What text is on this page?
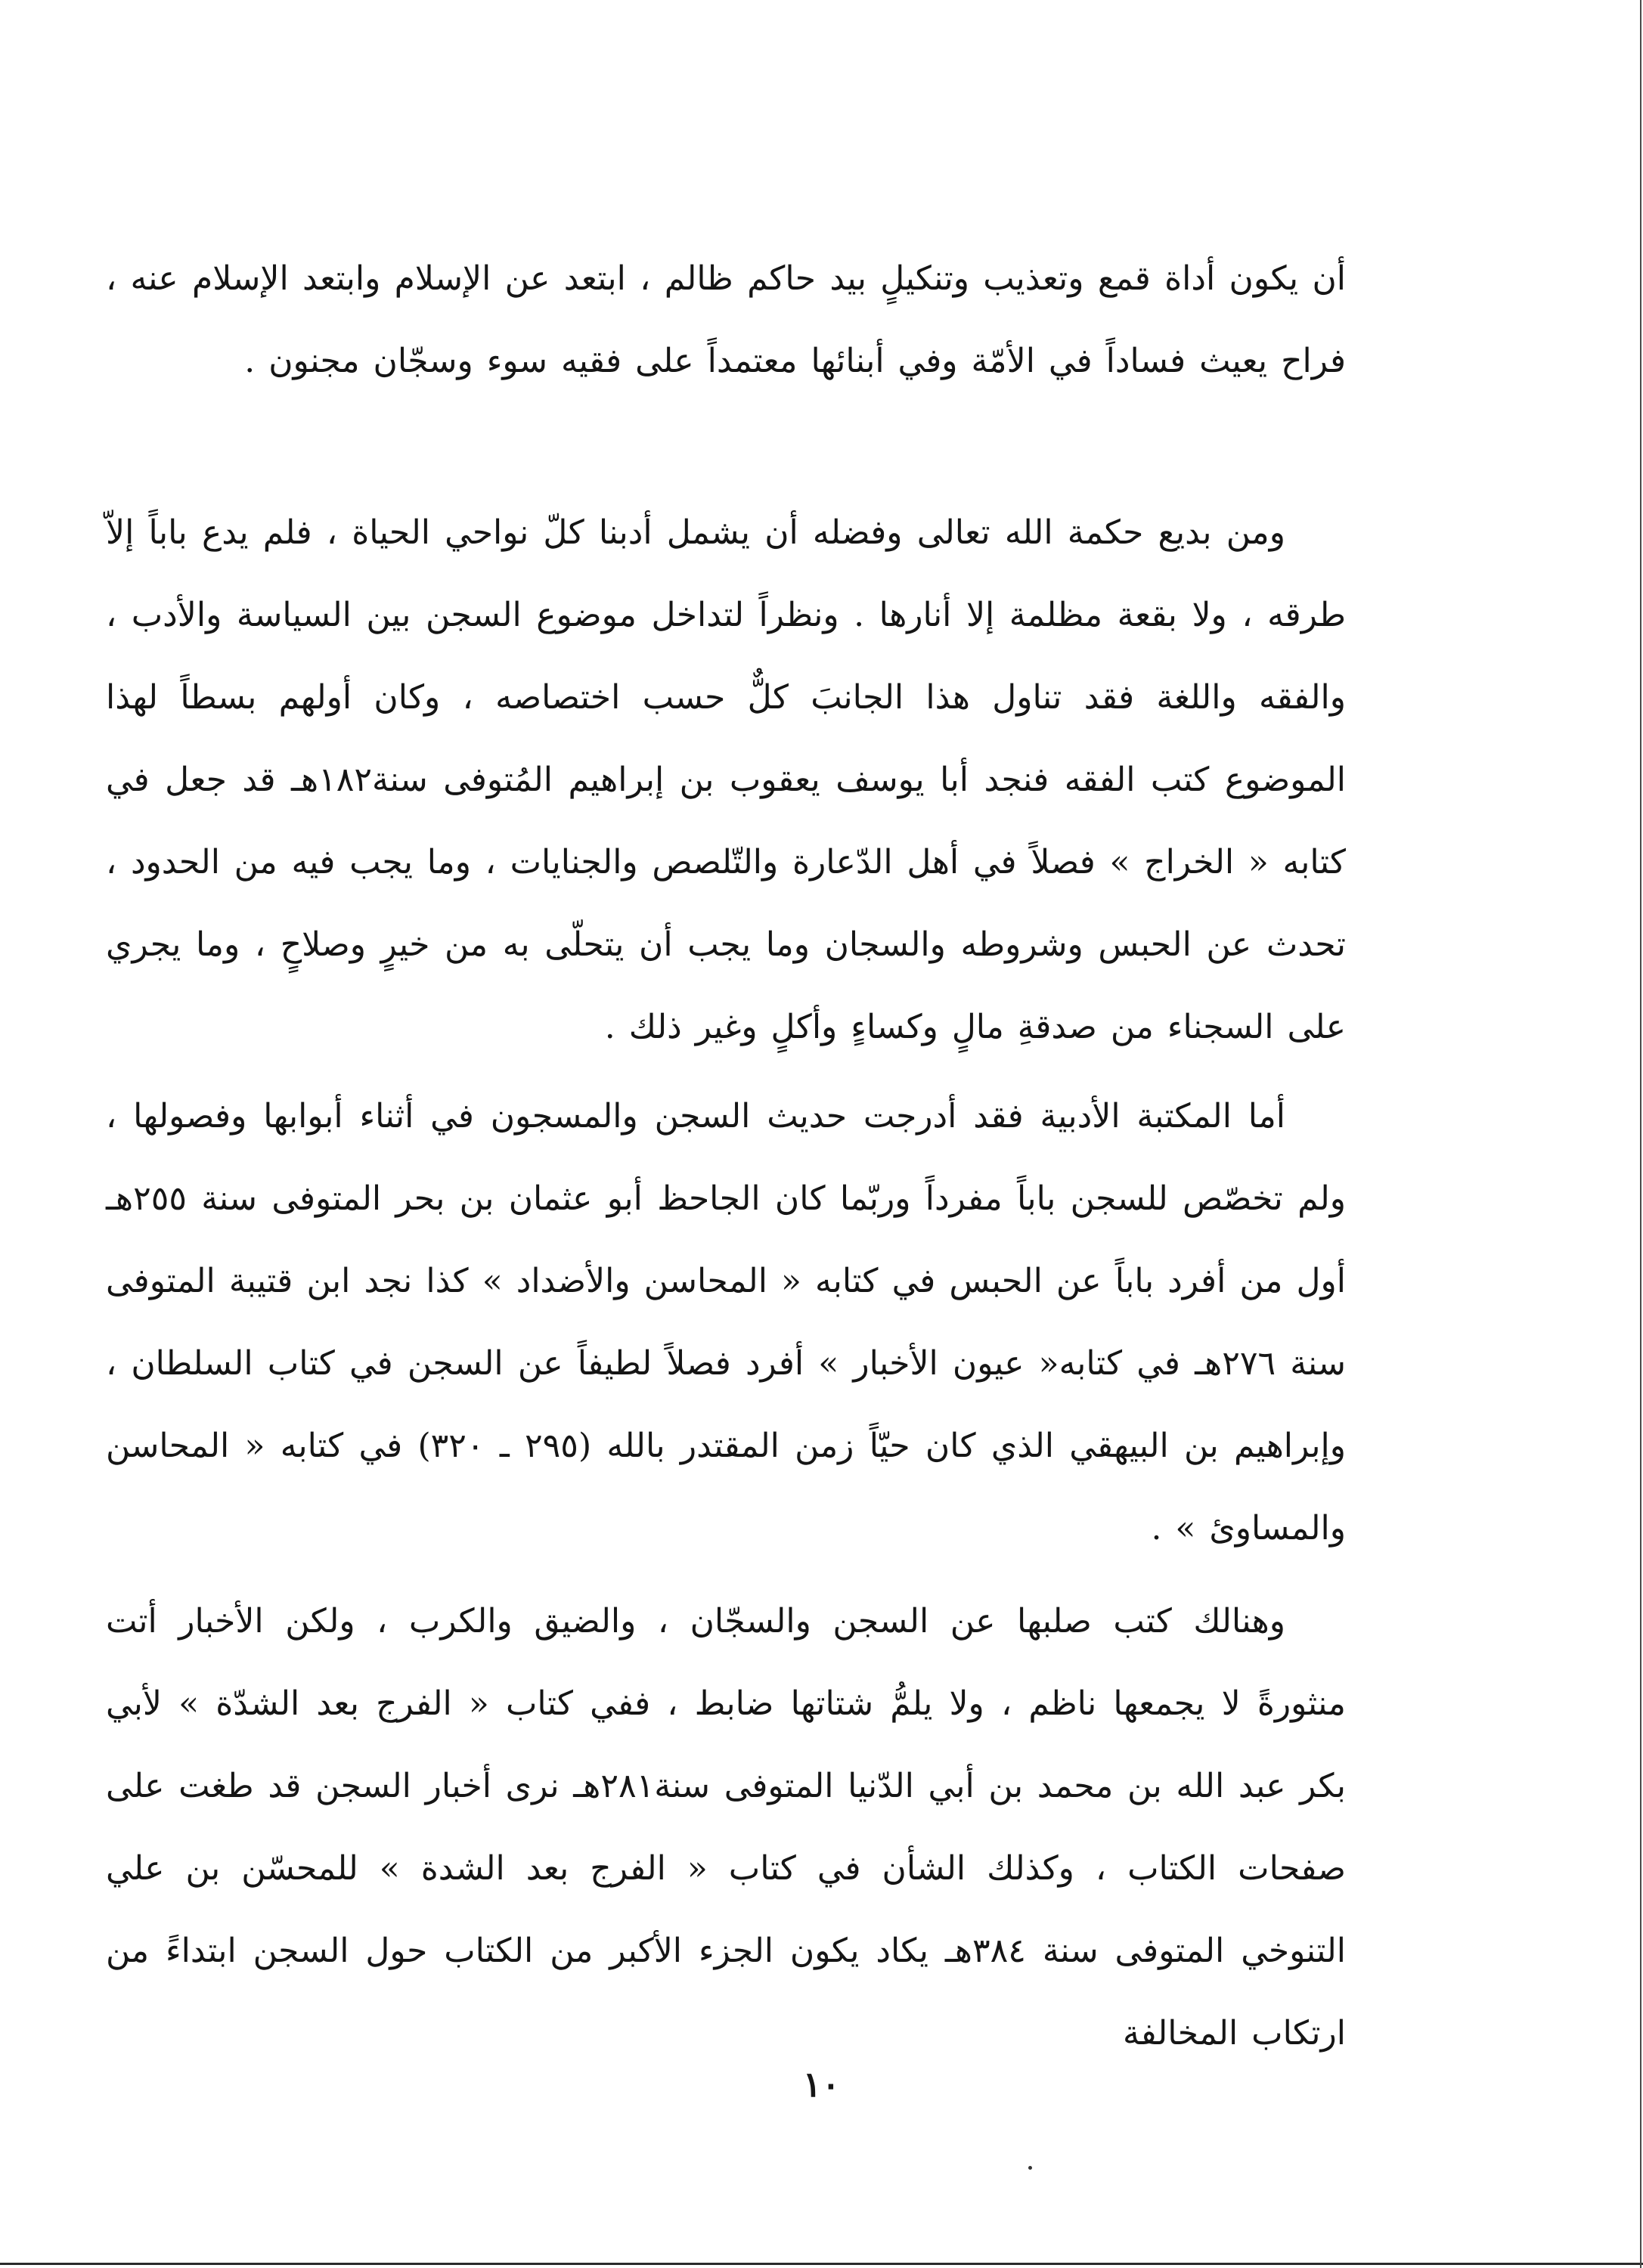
أن يكون أداة قمع وتعذيب وتنكيلٍ بيد حاكم ظالم ، ابتعد عن الإسلام وابتعد الإسلام عنه ، فراح يعيث فساداً في الأمّة وفي أبنائها معتمداً على فقيه سوء وسجّان مجنون .

ومن بديع حكمة الله تعالى وفضله أن يشمل أدبنا كلّ نواحي الحياة ، فلم يدع باباً إلاّ طرقه ، ولا بقعة مظلمة إلا أنارها . ونظراً لتداخل موضوع السجن بين السياسة والأدب ، والفقه واللغة فقد تناول هذا الجانبَ كلٌّ حسب اختصاصه ، وكان أولهم بسطاً لهذا الموضوع كتب الفقه فنجد أبا يوسف يعقوب بن إبراهيم المُتوفى سنة١٨٢هـ قد جعل في كتابه « الخراج » فصلاً في أهل الدّعارة والتّلصص والجنايات ، وما يجب فيه من الحدود ، تحدث عن الحبس وشروطه والسجان وما يجب أن يتحلّى به من خيرٍ وصلاحٍ ، وما يجري على السجناء من صدقةِ مالٍ وكساءٍ وأكلٍ وغير ذلك .

أما المكتبة الأدبية فقد أدرجت حديث السجن والمسجون في أثناء أبوابها وفصولها ، ولم تخصّص للسجن باباً مفرداً وربّما كان الجاحظ أبو عثمان بن بحر المتوفى سنة ٢٥٥هـ أول من أفرد باباً عن الحبس في كتابه « المحاسن والأضداد » كذا نجد ابن قتيبة المتوفى سنة ٢٧٦هـ في كتابه« عيون الأخبار » أفرد فصلاً لطيفاً عن السجن في كتاب السلطان ، وإبراهيم بن البيهقي الذي كان حيّاً زمن المقتدر بالله (٢٩٥ ـ ٣٢٠) في كتابه « المحاسن والمساوئ » .

وهنالك كتب صلبها عن السجن والسجّان ، والضيق والكرب ، ولكن الأخبار أتت منثورةً لا يجمعها ناظم ، ولا يلمُّ شتاتها ضابط ، ففي كتاب « الفرج بعد الشدّة » لأبي بكر عبد الله بن محمد بن أبي الدّنيا المتوفى سنة٢٨١هـ نرى أخبار السجن قد طغت على صفحات الكتاب ، وكذلك الشأن في كتاب « الفرج بعد الشدة » للمحسّن بن علي التنوخي المتوفى سنة ٣٨٤هـ يكاد يكون الجزء الأكبر من الكتاب حول السجن ابتداءً من ارتكاب المخالفة

١٠
